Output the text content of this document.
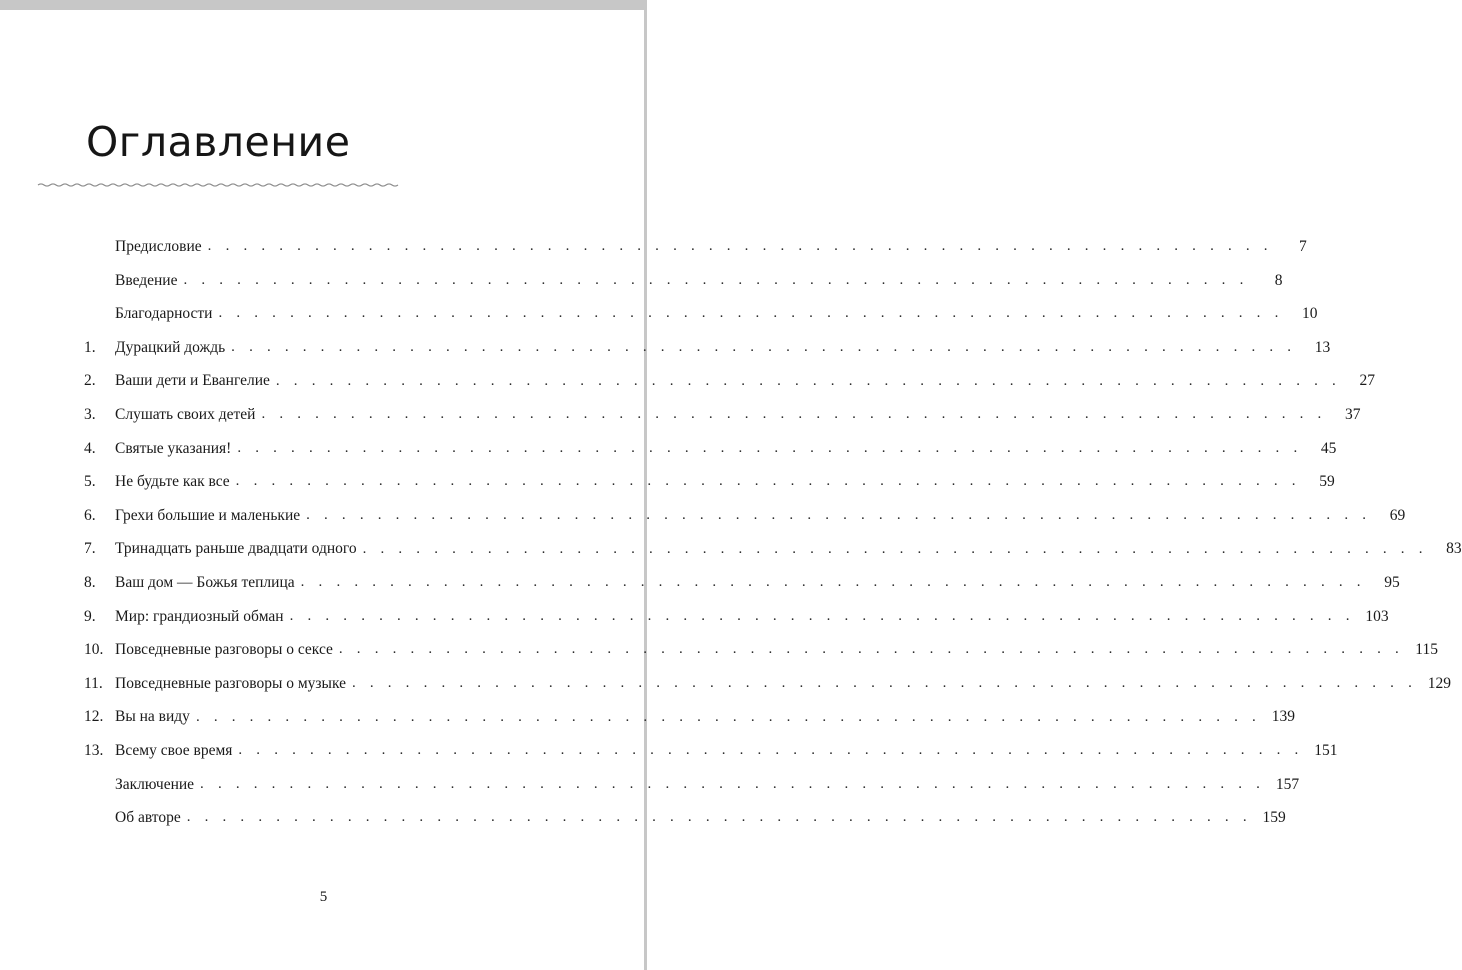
Оглавление
Предисловие . . . . . . . . . . . . . . . . . . . . . . . . . . . . . . . . . . . . . . . . . . . . . . . . . . . . . . . . . . . .	7
Введение . . . . . . . . . . . . . . . . . . . . . . . . . . . . . . . . . . . . . . . . . . . . . . . . . . . . . . . . . . . .	8
Благодарности . . . . . . . . . . . . . . . . . . . . . . . . . . . . . . . . . . . . . . . . . . . . . . . . . . . . . . . . . . . .	10
1.	Дурацкий дождь . . . . . . . . . . . . . . . . . . . . . . . . . . . . . . . . . . . . . . . . . . . . . . . . . . . . . . . . . . . .	13
2.	Ваши дети и Евангелие . . . . . . . . . . . . . . . . . . . . . . . . . . . . . . . . . . . . . . . . . . . . . . . . . . . . . . . . . . . .	27
3.	Слушать своих детей . . . . . . . . . . . . . . . . . . . . . . . . . . . . . . . . . . . . . . . . . . . . . . . . . . . . . . . . . . . .	37
4.	Святые указания! . . . . . . . . . . . . . . . . . . . . . . . . . . . . . . . . . . . . . . . . . . . . . . . . . . . . . . . . . . . .	45
5.	Не будьте как все . . . . . . . . . . . . . . . . . . . . . . . . . . . . . . . . . . . . . . . . . . . . . . . . . . . . . . . . . . . .	59
6.	Грехи большие и маленькие . . . . . . . . . . . . . . . . . . . . . . . . . . . . . . . . . . . . . . . . . . . . . . . . . . . . . . . . . . . .	69
7.	Тринадцать раньше двадцати одного . . . . . . . . . . . . . . . . . . . . . . . . . . . . . . . . . . . . . . . . . . . . . . . . . . . . . . . . . . . .	83
8.	Ваш дом — Божья теплица . . . . . . . . . . . . . . . . . . . . . . . . . . . . . . . . . . . . . . . . . . . . . . . . . . . . . . . . . . . .	95
9.	Мир: грандиозный обман . . . . . . . . . . . . . . . . . . . . . . . . . . . . . . . . . . . . . . . . . . . . . . . . . . . . . . . . . . . . 103
10. Повседневные разговоры о сексе . . . . . . . . . . . . . . . . . . . . . . . . . . . . . . . . . . . . . . . . . . . . . . . . . . . . . . . . . . . . 115
11. Повседневные разговоры о музыке . . . . . . . . . . . . . . . . . . . . . . . . . . . . . . . . . . . . . . . . . . . . . . . . . . . . . . . . . . . . 129
12. Вы на виду . . . . . . . . . . . . . . . . . . . . . . . . . . . . . . . . . . . . . . . . . . . . . . . . . . . . . . . . . . . . 139
13. Всему свое время . . . . . . . . . . . . . . . . . . . . . . . . . . . . . . . . . . . . . . . . . . . . . . . . . . . . . . . . . . . . 151
Заключение . . . . . . . . . . . . . . . . . . . . . . . . . . . . . . . . . . . . . . . . . . . . . . . . . . . . . . . . . . . . 157
Об авторе . . . . . . . . . . . . . . . . . . . . . . . . . . . . . . . . . . . . . . . . . . . . . . . . . . . . . . . . . . . . 159
5
